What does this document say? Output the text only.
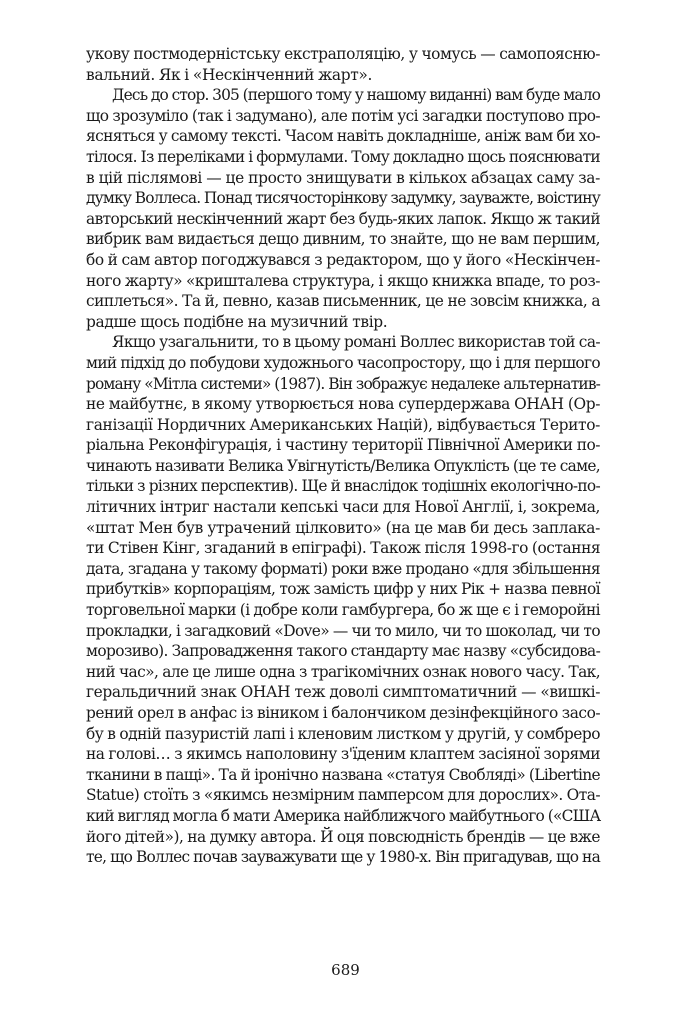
укову постмодерністську екстраполяцію, у чомусь — самопоясню-
вальний. Як і «Нескінченний жарт».
Десь до стор. 305 (першого тому у нашому виданні) вам буде мало
що зрозуміло (так і задумано), але потім усі загадки поступово про-
ясняться у самому тексті. Часом навіть докладніше, аніж вам би хо-
тілося. Із переліками і формулами. Тому докладно щось пояснювати
в цій післямові — це просто знищувати в кількох абзацах саму за-
думку Воллеса. Понад тисячосторінкову задумку, зауважте, воістину
авторський нескінченний жарт без будь-яких лапок. Якщо ж такий
вибрик вам видається дещо дивним, то знайте, що не вам першим,
бо й сам автор погоджувався з редактором, що у його «Нескінчен-
ного жарту» «кришталева структура, і якщо книжка впаде, то роз-
сиплеться». Та й, певно, казав письменник, це не зовсім книжка, а
радше щось подібне на музичний твір.
Якщо узагальнити, то в цьому романі Воллес використав той са-
мий підхід до побудови художнього часопростору, що і для першого
роману «Мітла системи» (1987). Він зображує недалеке альтернатив-
не майбутнє, в якому утворюється нова супердержава ОНАН (Ор-
ганізації Нордичних Американських Націй), відбувається Терито-
ріальна Реконфігурація, і частину території Північної Америки по-
чинають називати Велика Увігнутість/Велика Опуклість (це те саме,
тільки з різних перспектив). Ще й внаслідок тодішніх екологічно-по-
літичних інтриг настали кепські часи для Нової Англії, і, зокрема,
«штат Мен був утрачений цілковито» (на це мав би десь заплака-
ти Стівен Кінг, згаданий в епіграфі). Також після 1998-го (остання
дата, згадана у такому форматі) роки вже продано «для збільшення
прибутків» корпораціям, тож замість цифр у них Рік + назва певної
торговельної марки (і добре коли гамбургера, бо ж ще є і геморойні
прокладки, і загадковий «Dove» — чи то мило, чи то шоколад, чи то
морозиво). Запровадження такого стандарту має назву «субсидова-
ний час», але це лише одна з трагікомічних ознак нового часу. Так,
геральдичний знак ОНАН теж доволі симптоматичний — «вишкі-
рений орел в анфас із віником і балончиком дезінфекційного засо-
бу в одній пазуристій лапі і кленовим листком у другій, у сомбреро
на голові… з якимсь наполовину з'їденим клаптем засіяної зорями
тканини в пащі». Та й іронічно названа «статуя Свобляді» (Libertine
Statue) стоїть з «якимсь незмірним памперсом для дорослих». Ота-
кий вигляд могла б мати Америка найближчого майбутнього («США
його дітей»), на думку автора. Й оця повсюдність брендів — це вже
те, що Воллес почав зауважувати ще у 1980-х. Він пригадував, що на
689
